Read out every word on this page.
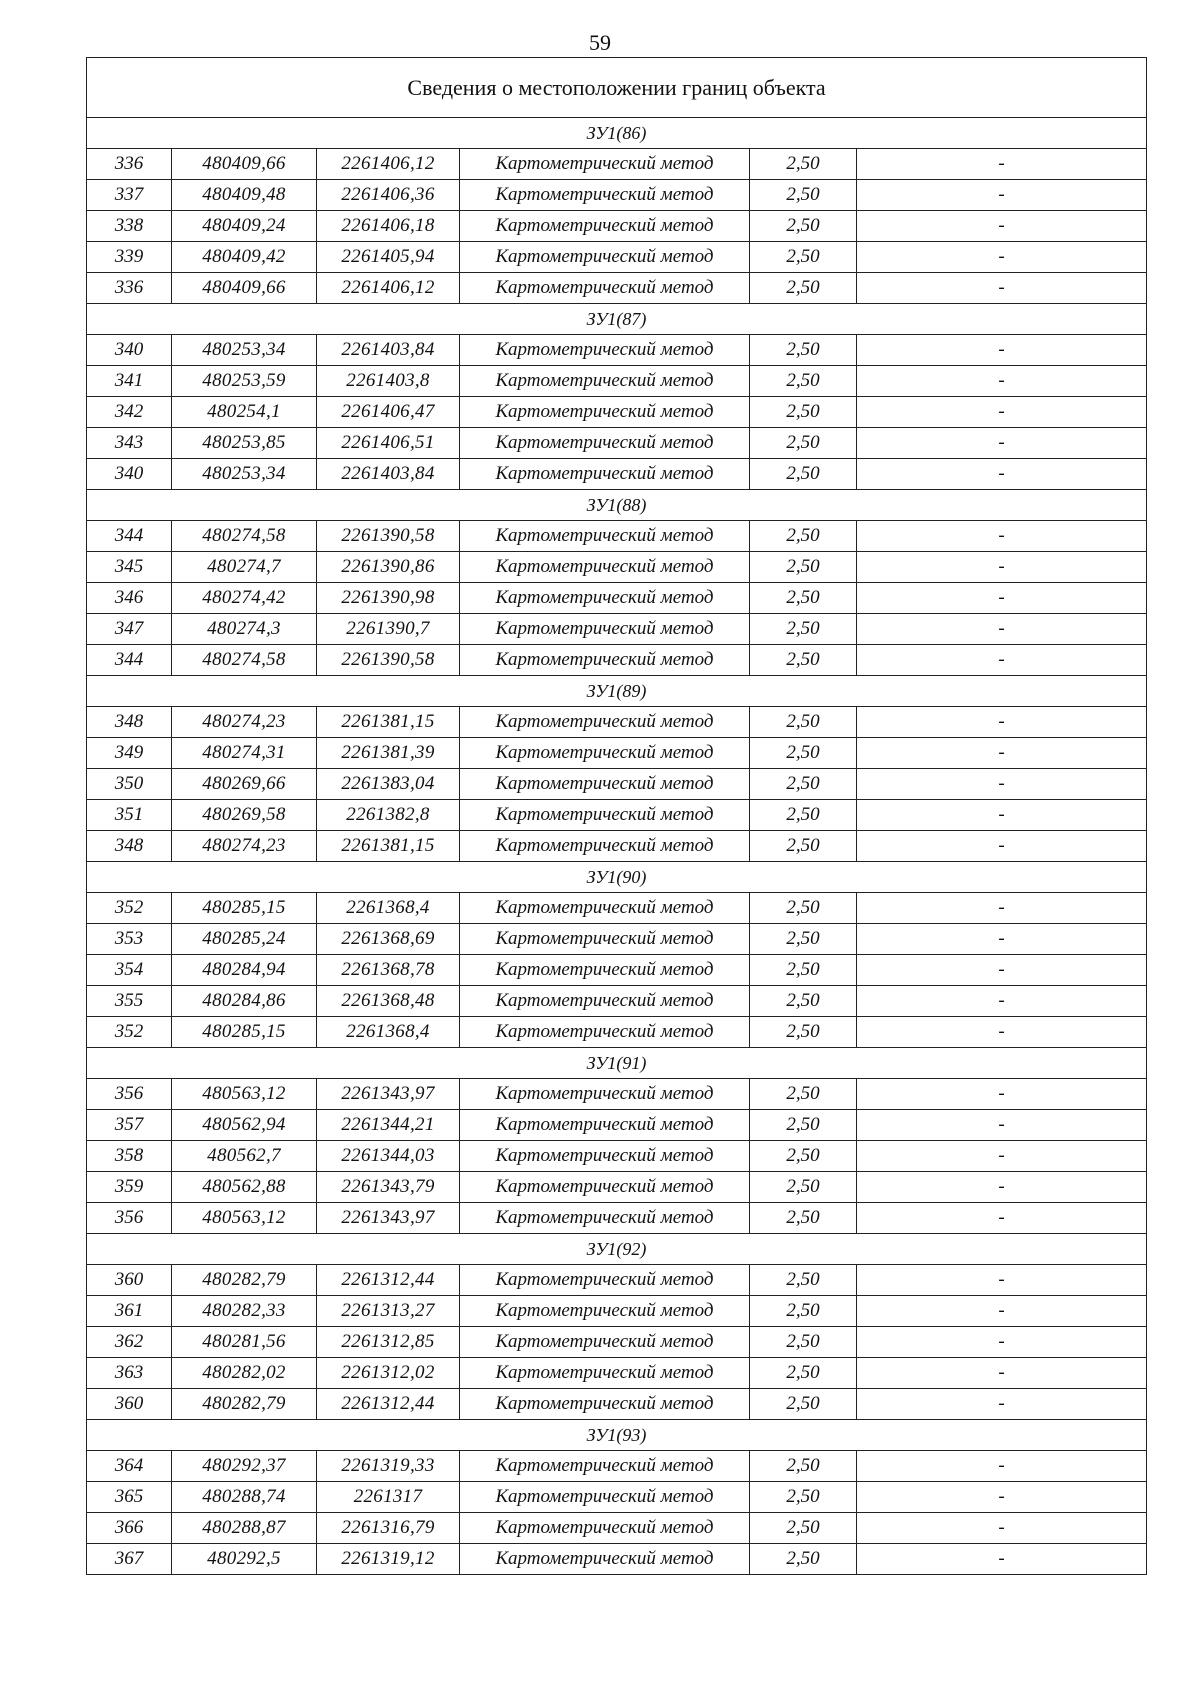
59
Сведения о местоположении границ объекта					
ЗУ1(86)					
336	480409,66	2261406,12	Картометрический метод	2,50	-
337	480409,48	2261406,36	Картометрический метод	2,50	-
338	480409,24	2261406,18	Картометрический метод	2,50	-
339	480409,42	2261405,94	Картометрический метод	2,50	-
336	480409,66	2261406,12	Картометрический метод	2,50	-
ЗУ1(87)					
340	480253,34	2261403,84	Картометрический метод	2,50	-
341	480253,59	2261403,8	Картометрический метод	2,50	-
342	480254,1	2261406,47	Картометрический метод	2,50	-
343	480253,85	2261406,51	Картометрический метод	2,50	-
340	480253,34	2261403,84	Картометрический метод	2,50	-
ЗУ1(88)					
344	480274,58	2261390,58	Картометрический метод	2,50	-
345	480274,7	2261390,86	Картометрический метод	2,50	-
346	480274,42	2261390,98	Картометрический метод	2,50	-
347	480274,3	2261390,7	Картометрический метод	2,50	-
344	480274,58	2261390,58	Картометрический метод	2,50	-
ЗУ1(89)					
348	480274,23	2261381,15	Картометрический метод	2,50	-
349	480274,31	2261381,39	Картометрический метод	2,50	-
350	480269,66	2261383,04	Картометрический метод	2,50	-
351	480269,58	2261382,8	Картометрический метод	2,50	-
348	480274,23	2261381,15	Картометрический метод	2,50	-
ЗУ1(90)					
352	480285,15	2261368,4	Картометрический метод	2,50	-
353	480285,24	2261368,69	Картометрический метод	2,50	-
354	480284,94	2261368,78	Картометрический метод	2,50	-
355	480284,86	2261368,48	Картометрический метод	2,50	-
352	480285,15	2261368,4	Картометрический метод	2,50	-
ЗУ1(91)					
356	480563,12	2261343,97	Картометрический метод	2,50	-
357	480562,94	2261344,21	Картометрический метод	2,50	-
358	480562,7	2261344,03	Картометрический метод	2,50	-
359	480562,88	2261343,79	Картометрический метод	2,50	-
356	480563,12	2261343,97	Картометрический метод	2,50	-
ЗУ1(92)					
360	480282,79	2261312,44	Картометрический метод	2,50	-
361	480282,33	2261313,27	Картометрический метод	2,50	-
362	480281,56	2261312,85	Картометрический метод	2,50	-
363	480282,02	2261312,02	Картометрический метод	2,50	-
360	480282,79	2261312,44	Картометрический метод	2,50	-
ЗУ1(93)					
364	480292,37	2261319,33	Картометрический метод	2,50	-
365	480288,74	2261317	Картометрический метод	2,50	-
366	480288,87	2261316,79	Картометрический метод	2,50	-
367	480292,5	2261319,12	Картометрический метод	2,50	-
